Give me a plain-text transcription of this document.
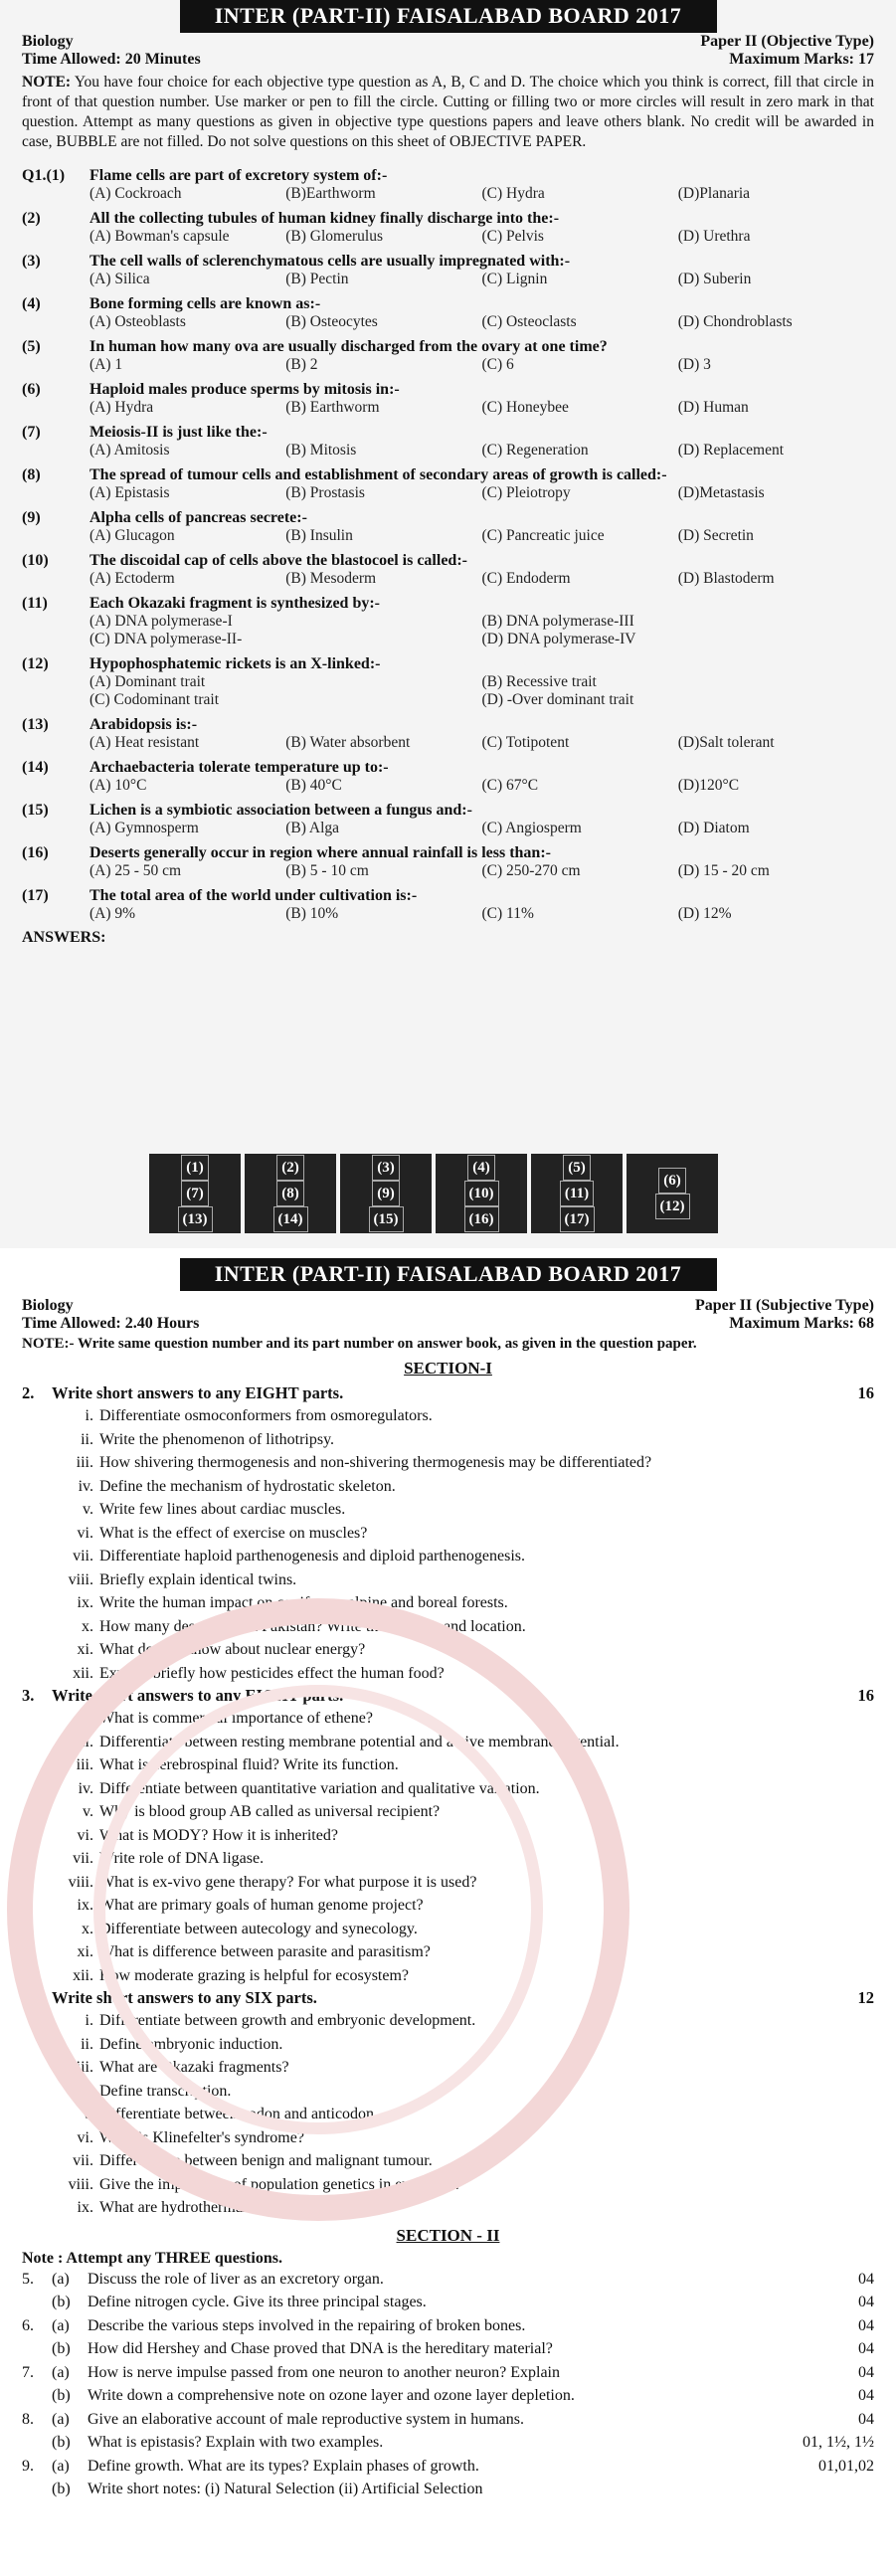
INTER (PART-II) FAISALABAD BOARD 2017
Biology	Paper II (Objective Type)
Time Allowed: 20 Minutes	Maximum Marks: 17
NOTE: You have four choice for each objective type question as A, B, C and D. The choice which you think is correct, fill that circle in front of that question number. Use marker or pen to fill the circle. Cutting or filling two or more circles will result in zero mark in that question. Attempt as many questions as given in objective type questions papers and leave others blank. No credit will be awarded in case, BUBBLE are not filled. Do not solve questions on this sheet of OBJECTIVE PAPER.
Q1.(1)	Flame cells are part of excretory system of:-
(A) Cockroach	(B)Earthworm	(C) Hydra	(D)Planaria
(2)	All the collecting tubules of human kidney finally discharge into the:-
(A) Bowman's capsule	(B) Glomerulus	(C) Pelvis	(D) Urethra
(3)	The cell walls of sclerenchymatous cells are usually impregnated with:-
(A) Silica	(B) Pectin	(C) Lignin	(D) Suberin
(4)	Bone forming cells are known as:-
(A) Osteoblasts	(B) Osteocytes	(C) Osteoclasts	(D) Chondroblasts
(5)	In human how many ova are usually discharged from the ovary at one time?
(A) 1	(B) 2	(C) 6	(D) 3
(6)	Haploid males produce sperms by mitosis in:-
(A) Hydra	(B) Earthworm	(C) Honeybee	(D) Human
(7)	Meiosis-II is just like the:-
(A) Amitosis	(B) Mitosis	(C) Regeneration	(D) Replacement
(8)	The spread of tumour cells and establishment of secondary areas of growth is called:-
(A) Epistasis	(B) Prostasis	(C) Pleiotropy	(D)Metastasis
(9)	Alpha cells of pancreas secrete:-
(A) Glucagon	(B) Insulin	(C) Pancreatic juice	(D) Secretin
(10)	The discoidal cap of cells above the blastocoel is called:-
(A) Ectoderm	(B) Mesoderm	(C) Endoderm	(D) Blastoderm
(11)	Each Okazaki fragment is synthesized by:-
(A) DNA polymerase-I	(B) DNA polymerase-III
(C) DNA polymerase-II-	(D) DNA polymerase-IV
(12)	Hypophosphatemic rickets is an X-linked:-
(A) Dominant trait	(B) Recessive trait
(C) Codominant trait	(D) -Over dominant trait
(13)	Arabidopsis is:-
(A) Heat resistant	(B) Water absorbent	(C) Totipotent	(D)Salt tolerant
(14)	Archaebacteria tolerate temperature up to:-
(A) 10°C	(B) 40°C	(C) 67°C	(D)120°C
(15)	Lichen is a symbiotic association between a fungus and:-
(A) Gymnosperm	(B) Alga	(C) Angiosperm	(D) Diatom
(16)	Deserts generally occur in region where annual rainfall is less than:-
(A) 25 - 50 cm	(B) 5 - 10 cm	(C) 250-270 cm	(D) 15 - 20 cm
(17)	The total area of the world under cultivation is:-
(A) 9%	(B) 10%	(C) 11%	(D) 12%
ANSWERS:
(1)
(7)
(13)
(2)
(8)
(14)
(3)
(9)
(15)
(4)
(10)
(16)
(5)
(11)
(17)
(6)
(12)
INTER (PART-II) FAISALABAD BOARD 2017
Biology	Paper II (Subjective Type)
Time Allowed: 2.40 Hours	Maximum Marks: 68
NOTE:- Write same question number and its part number on answer book, as given in the question paper.
SECTION-I
2.	Write short answers to any EIGHT parts.	16
i. Differentiate osmoconformers from osmoregulators.
ii. Write the phenomenon of lithotripsy.
iii. How shivering thermogenesis and non-shivering thermogenesis may be differentiated?
iv. Define the mechanism of hydrostatic skeleton.
v. Write few lines about cardiac muscles.
vi. What is the effect of exercise on muscles?
vii. Differentiate haploid parthenogenesis and diploid parthenogenesis.
viii. Briefly explain identical twins.
ix. Write the human impact on coniferous alpine and boreal forests.
x. How many deserts are in Pakistan? Write their names and location.
xi. What do you know about nuclear energy?
xii. Explain briefly how pesticides effect the human food?
3.	Write short answers to any EIGHT parts.	16
i. What is commercial importance of ethene?
ii. Differentiate between resting membrane potential and active membrane potential.
iii. What is cerebrospinal fluid? Write its function.
iv. Differentiate between quantitative variation and qualitative variation.
v. Why is blood group AB called as universal recipient?
vi. What is MODY? How it is inherited?
vii. Write role of DNA ligase.
viii. What is ex-vivo gene therapy? For what purpose it is used?
ix. What are primary goals of human genome project?
x. Differentiate between autecology and synecology.
xi. What is difference between parasite and parasitism?
xii. How moderate grazing is helpful for ecosystem?
4.	Write short answers to any SIX parts.	12
i. Differentiate between growth and embryonic development.
ii. Define embryonic induction.
iii. What are Okazaki fragments?
iv. Define transcription.
v. Differentiate between codon and anticodon.
vi. What is Klinefelter's syndrome?
vii. Differentiate between benign and malignant tumour.
viii. Give the importance of population genetics in evolution.
ix. What are hydrothermal vents?
SECTION - II
Note : Attempt any THREE questions.
5.	(a)	Discuss the role of liver as an excretory organ.	04
(b)	Define nitrogen cycle. Give its three principal stages.	04
6.	(a)	Describe the various steps involved in the repairing of broken bones.	04
(b)	How did Hershey and Chase proved that DNA is the hereditary material?	04
7.	(a)	How is nerve impulse passed from one neuron to another neuron? Explain	04
(b)	Write down a comprehensive note on ozone layer and ozone layer depletion.	04
8.	(a)	Give an elaborative account of male reproductive system in humans.	04
(b)	What is epistasis? Explain with two examples.	01, 1½, 1½
9.	(a)	Define growth. What are its types? Explain phases of growth.	01,01,02
(b)	Write short notes: (i) Natural Selection (ii) Artificial Selection
